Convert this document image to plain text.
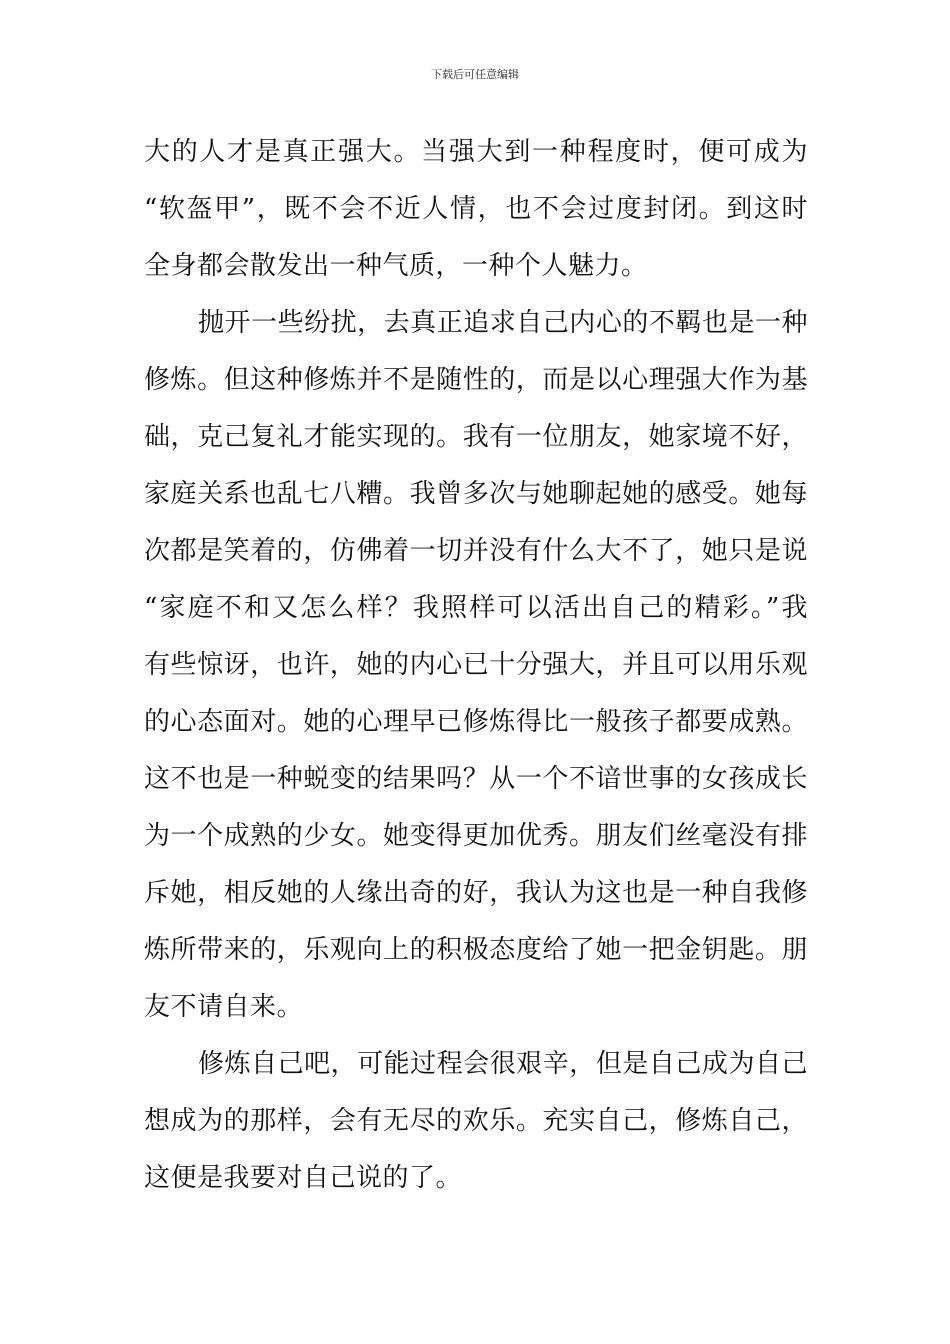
下载后可任意编辑

大的人才是真正强大。当强大到一种程度时，便可成为
“软盔甲”，既不会不近人情，也不会过度封闭。到这时
全身都会散发出一种气质，一种个人魅力。
抛开一些纷扰，去真正追求自己内心的不羁也是一种
修炼。但这种修炼并不是随性的，而是以心理强大作为基
础，克己复礼才能实现的。我有一位朋友，她家境不好，
家庭关系也乱七八糟。我曾多次与她聊起她的感受。她每
次都是笑着的，仿佛着一切并没有什么大不了，她只是说
“家庭不和又怎么样？我照样可以活出自己的精彩。”我
有些惊讶，也许，她的内心已十分强大，并且可以用乐观
的心态面对。她的心理早已修炼得比一般孩子都要成熟。
这不也是一种蜕变的结果吗？从一个不谙世事的女孩成长
为一个成熟的少女。她变得更加优秀。朋友们丝毫没有排
斥她，相反她的人缘出奇的好，我认为这也是一种自我修
炼所带来的，乐观向上的积极态度给了她一把金钥匙。朋
友不请自来。
修炼自己吧，可能过程会很艰辛，但是自己成为自己
想成为的那样，会有无尽的欢乐。充实自己，修炼自己，
这便是我要对自己说的了。
